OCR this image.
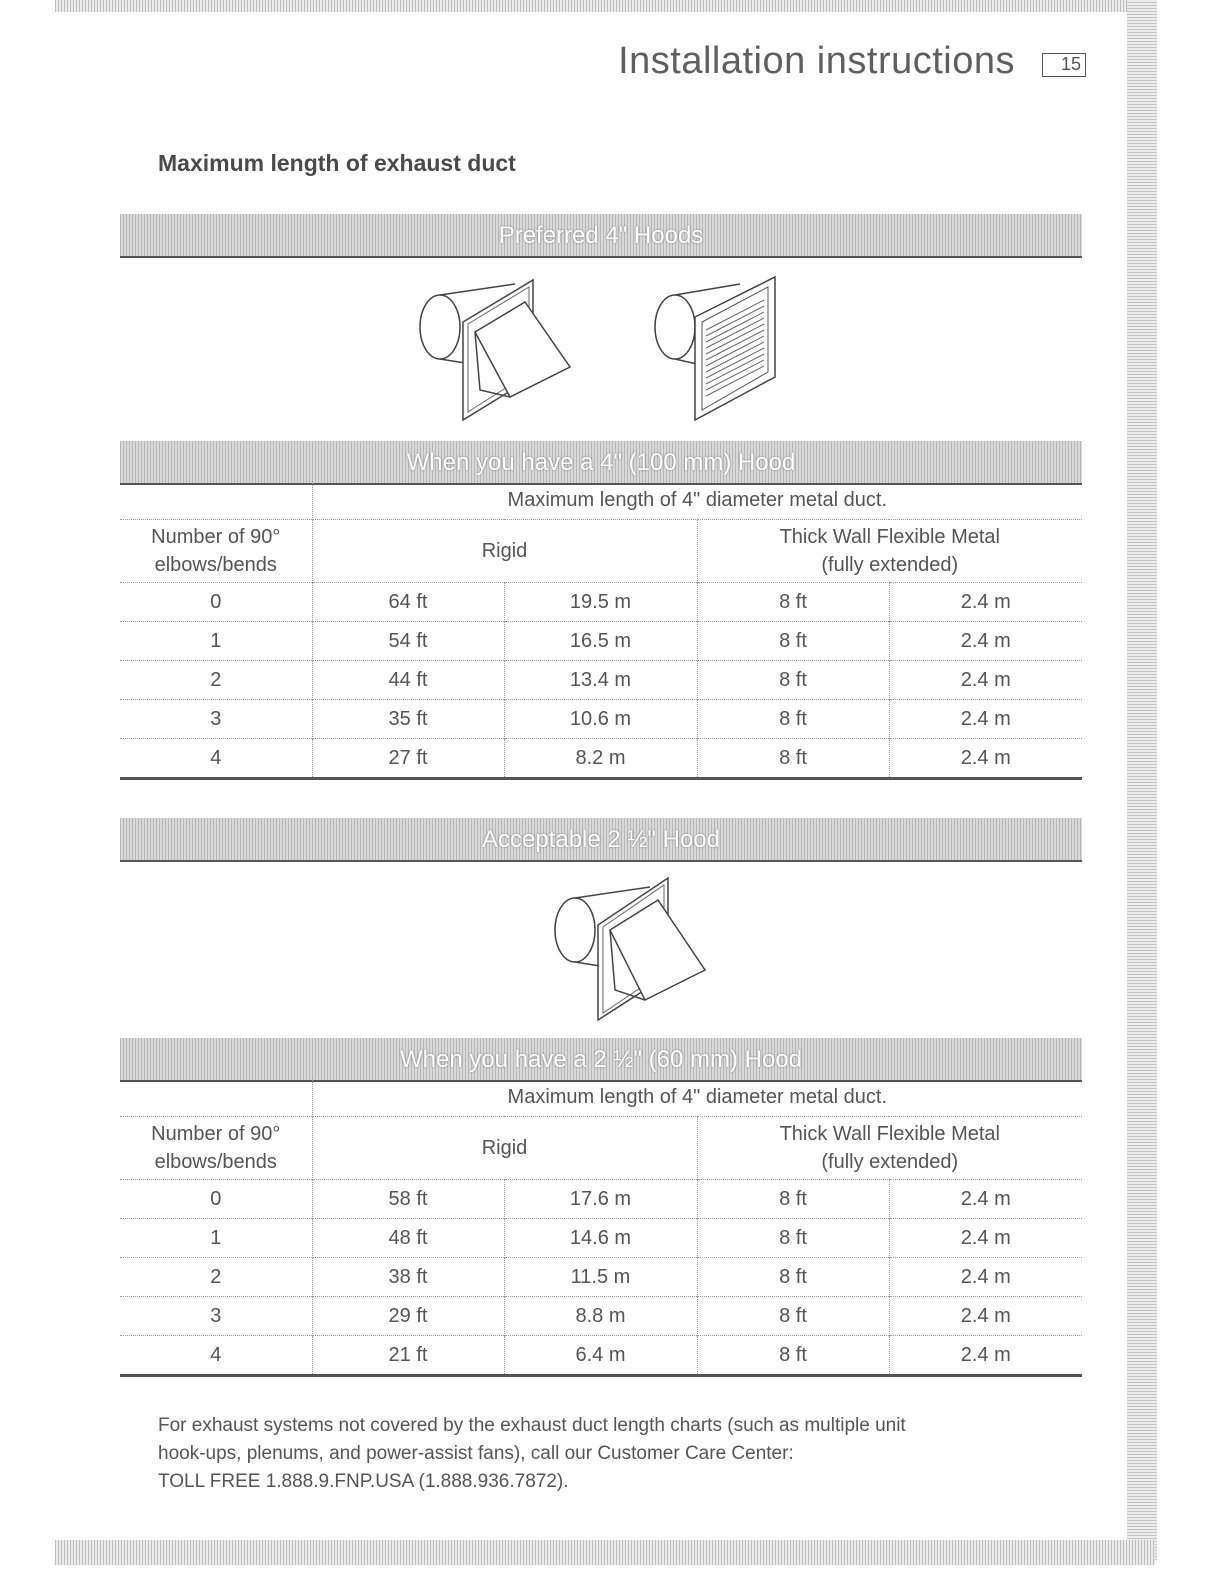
Installation instructions	15
Maximum length of exhaust duct
Preferred 4" Hoods
When you have a 4" (100 mm) Hood
	Maximum length of 4" diameter metal duct.			
Number of 90°
elbows/bends	Rigid		Thick Wall Flexible Metal
(fully extended)	
0	64 ft	19.5 m	8 ft	2.4 m
1	54 ft	16.5 m	8 ft	2.4 m
2	44 ft	13.4 m	8 ft	2.4 m
3	35 ft	10.6 m	8 ft	2.4 m
4	27 ft	8.2 m	8 ft	2.4 m
Acceptable 2 ½" Hood
When you have a 2 ½" (60 mm) Hood
	Maximum length of 4" diameter metal duct.			
Number of 90°
elbows/bends	Rigid		Thick Wall Flexible Metal
(fully extended)	
0	58 ft	17.6 m	8 ft	2.4 m
1	48 ft	14.6 m	8 ft	2.4 m
2	38 ft	11.5 m	8 ft	2.4 m
3	29 ft	8.8 m	8 ft	2.4 m
4	21 ft	6.4 m	8 ft	2.4 m
For exhaust systems not covered by the exhaust duct length charts (such as multiple unit
hook-ups, plenums, and power-assist fans), call our Customer Care Center:
TOLL FREE 1.888.9.FNP.USA (1.888.936.7872).
